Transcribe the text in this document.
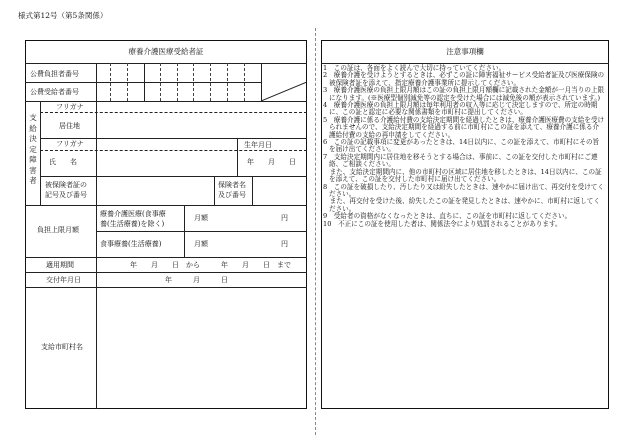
様式第12号（第5条関係）
療養介護医療受給者証
公費負担者番号
公費受給者番号
支給決定障害者
フリガナ
居住地
フリガナ	生年月日
氏　　名	年　　月　　日
被保険者証の
記号及び番号
保険者名
及び番号
負担上限月額
療養介護医療(食事療
養(生活療養)を除く)
月額	円
食事療養(生活療養)	月額	円
適用期間	年　　月　　日　から　　　年　　月　　日　まで
交付年月日	年　　　月　　　日
支給市町村名
注意事項欄
1　この証は、各面をよく読んで大切に持っていてください。
2　療養介護を受けようとするときは、必ずこの証に障害福祉サービス受給者証及び医療保険の被保険者証を添えて、指定療養介護事業所に提示してください。
3　療養介護医療の負担上限月額はこの証の負担上限月額欄に記載された金額が一月当りの上限になります。(※医療型個別減免等の認定を受けた場合には減免後の額が表示されています。)
4　療養介護医療の負担上限月額は毎年利用者の収入等に応じて決定しますので、所定の時期に、この証と認定に必要な関係書類を市町村に提出してください。
5　療養介護に係る介護給付費の支給決定期間を経過したときは、療養介護医療費の支給を受けられませんので、支給決定期間を経過する前に市町村にこの証を添えて、療養介護に係る介護給付費の支給の再申請をしてください。
6　この証の記載事項に変更があったときは、14日以内に、この証を添えて、市町村にその旨を届け出てください。
7　支給決定期間内に居住地を移そうとする場合は、事前に、この証を交付した市町村にご連絡、ご相談ください。
　また、支給決定期間内に、他の市町村の区域に居住地を移したときは、14日以内に、この証を添えて、この証を交付した市町村に届け出てください。
8　この証を破損したり、汚したり又は紛失したときは、速やかに届け出て、再交付を受けてください。
　また、再交付を受けた後、紛失したこの証を発見したときは、速やかに、市町村に返してください。
9　受給者の資格がなくなったときは、直ちに、この証を市町村に返してください。
10　不正にこの証を使用した者は、関係法令により処罰されることがあります。
